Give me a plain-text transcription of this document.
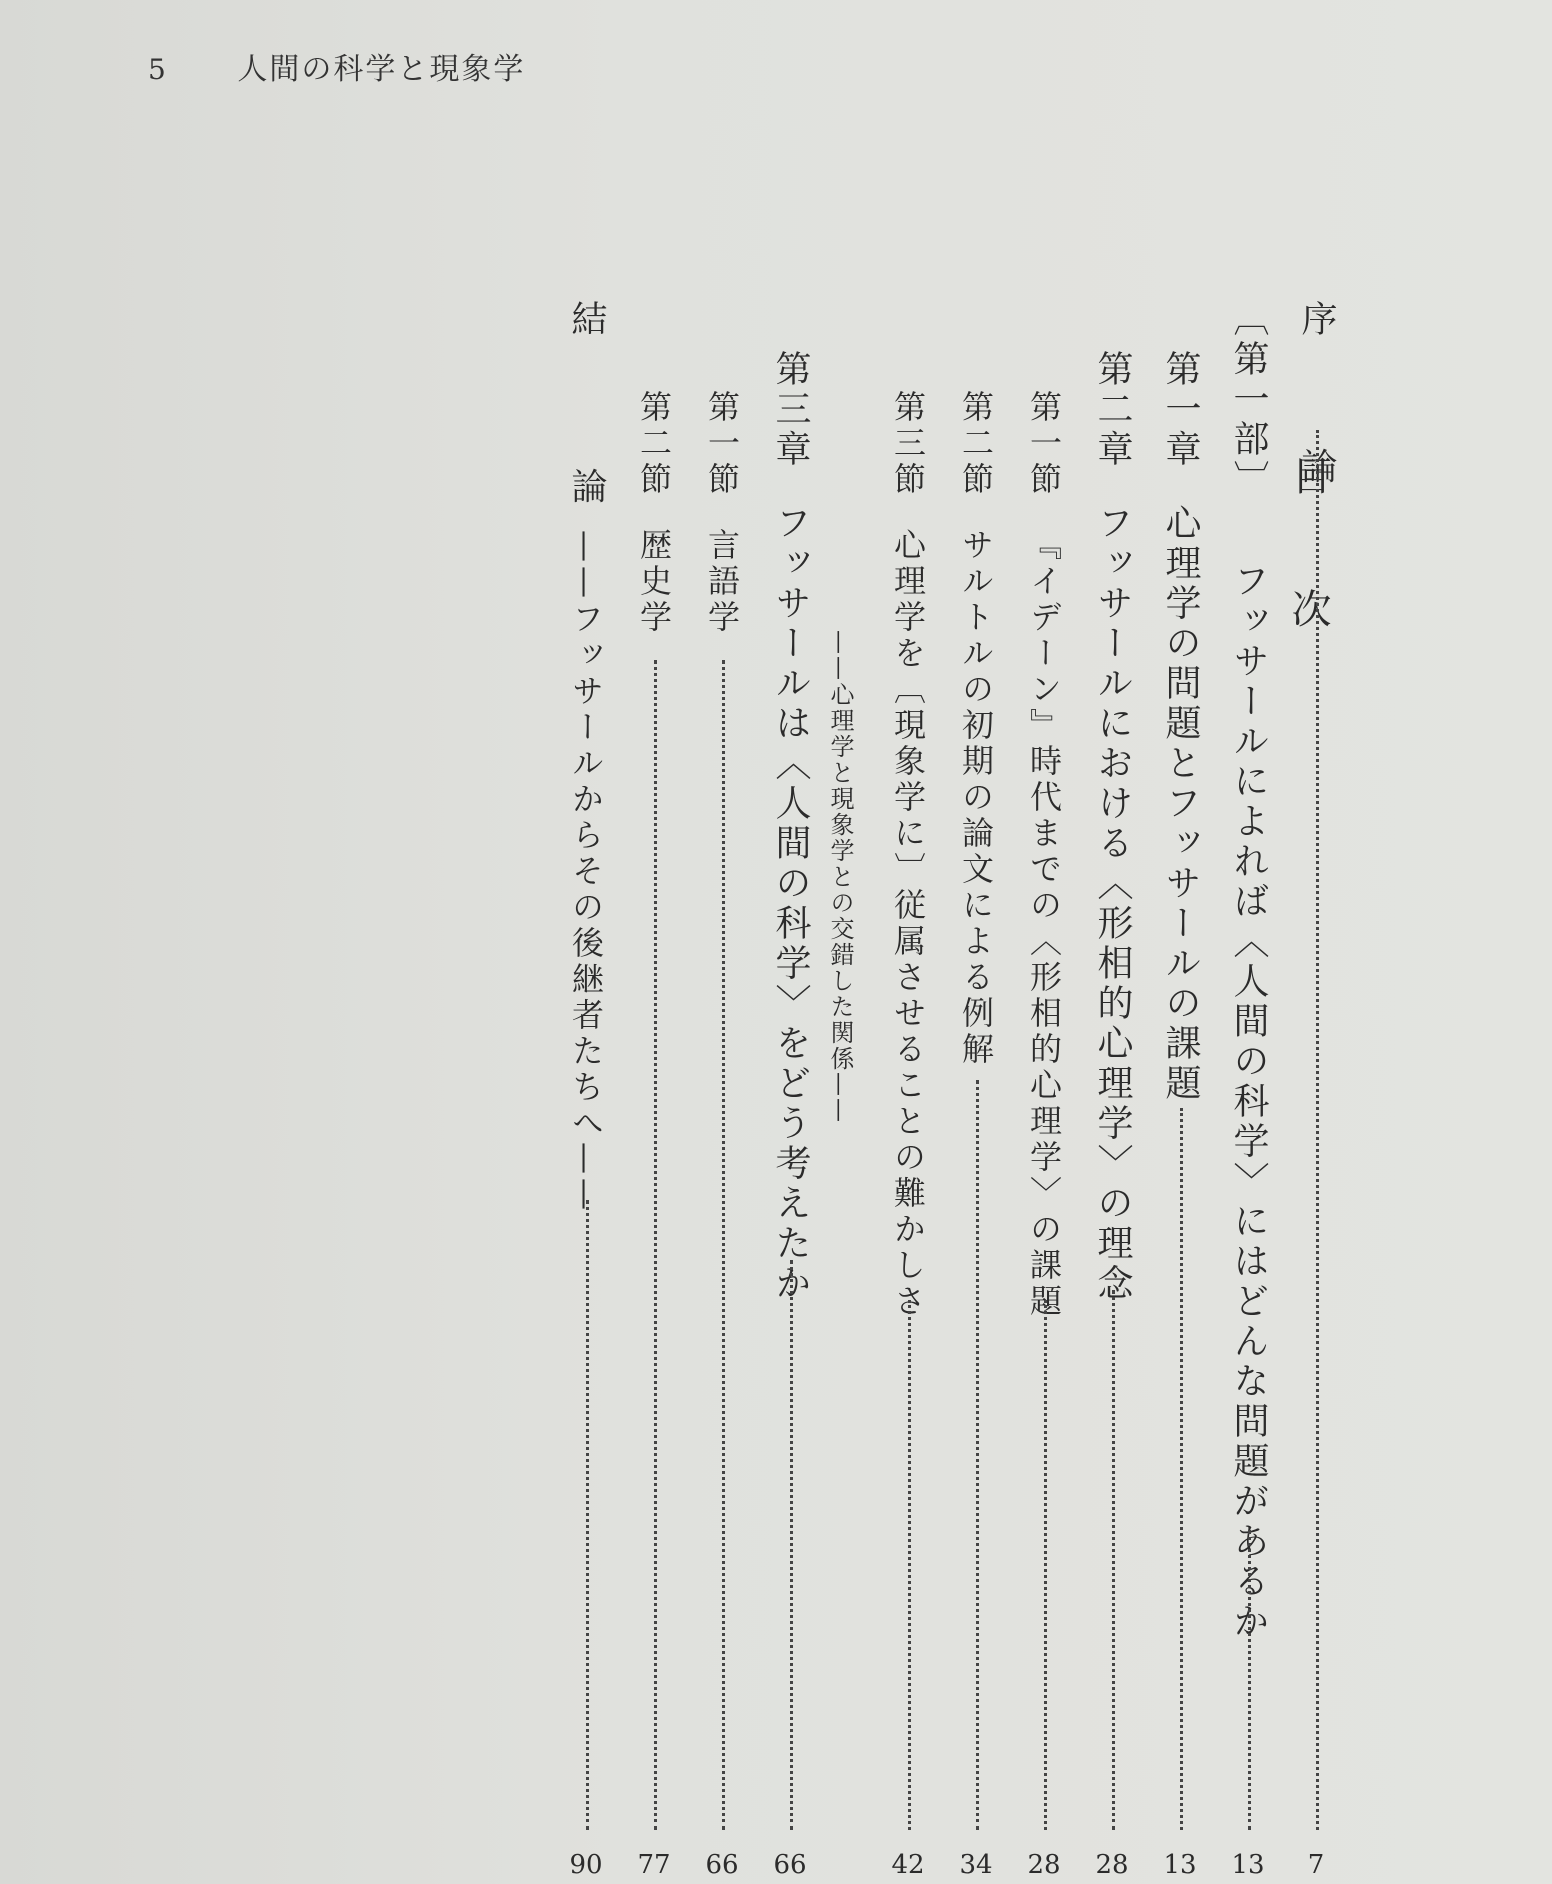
5 人間の科学と現象学
目 次
序 論
7
〔第一部〕
フッサールによれば〈人間の科学〉にはどんな問題があるか
13
第一章
心理学の問題とフッサールの課題
13
第二章
フッサールにおける〈形相的心理学〉の理念
28
第一節
『イデーン』時代までの〈形相的心理学〉の課題
28
第二節
サルトルの初期の論文による例解
34
第三節
心理学を〔現象学に〕従属させることの難かしさ
42
——心理学と現象学との交錯した関係——
第三章
フッサールは〈人間の科学〉をどう考えたか
66
第一節
言語学
66
第二節
歴史学
77
結 論
——フッサールからその後継者たちへ——
90
